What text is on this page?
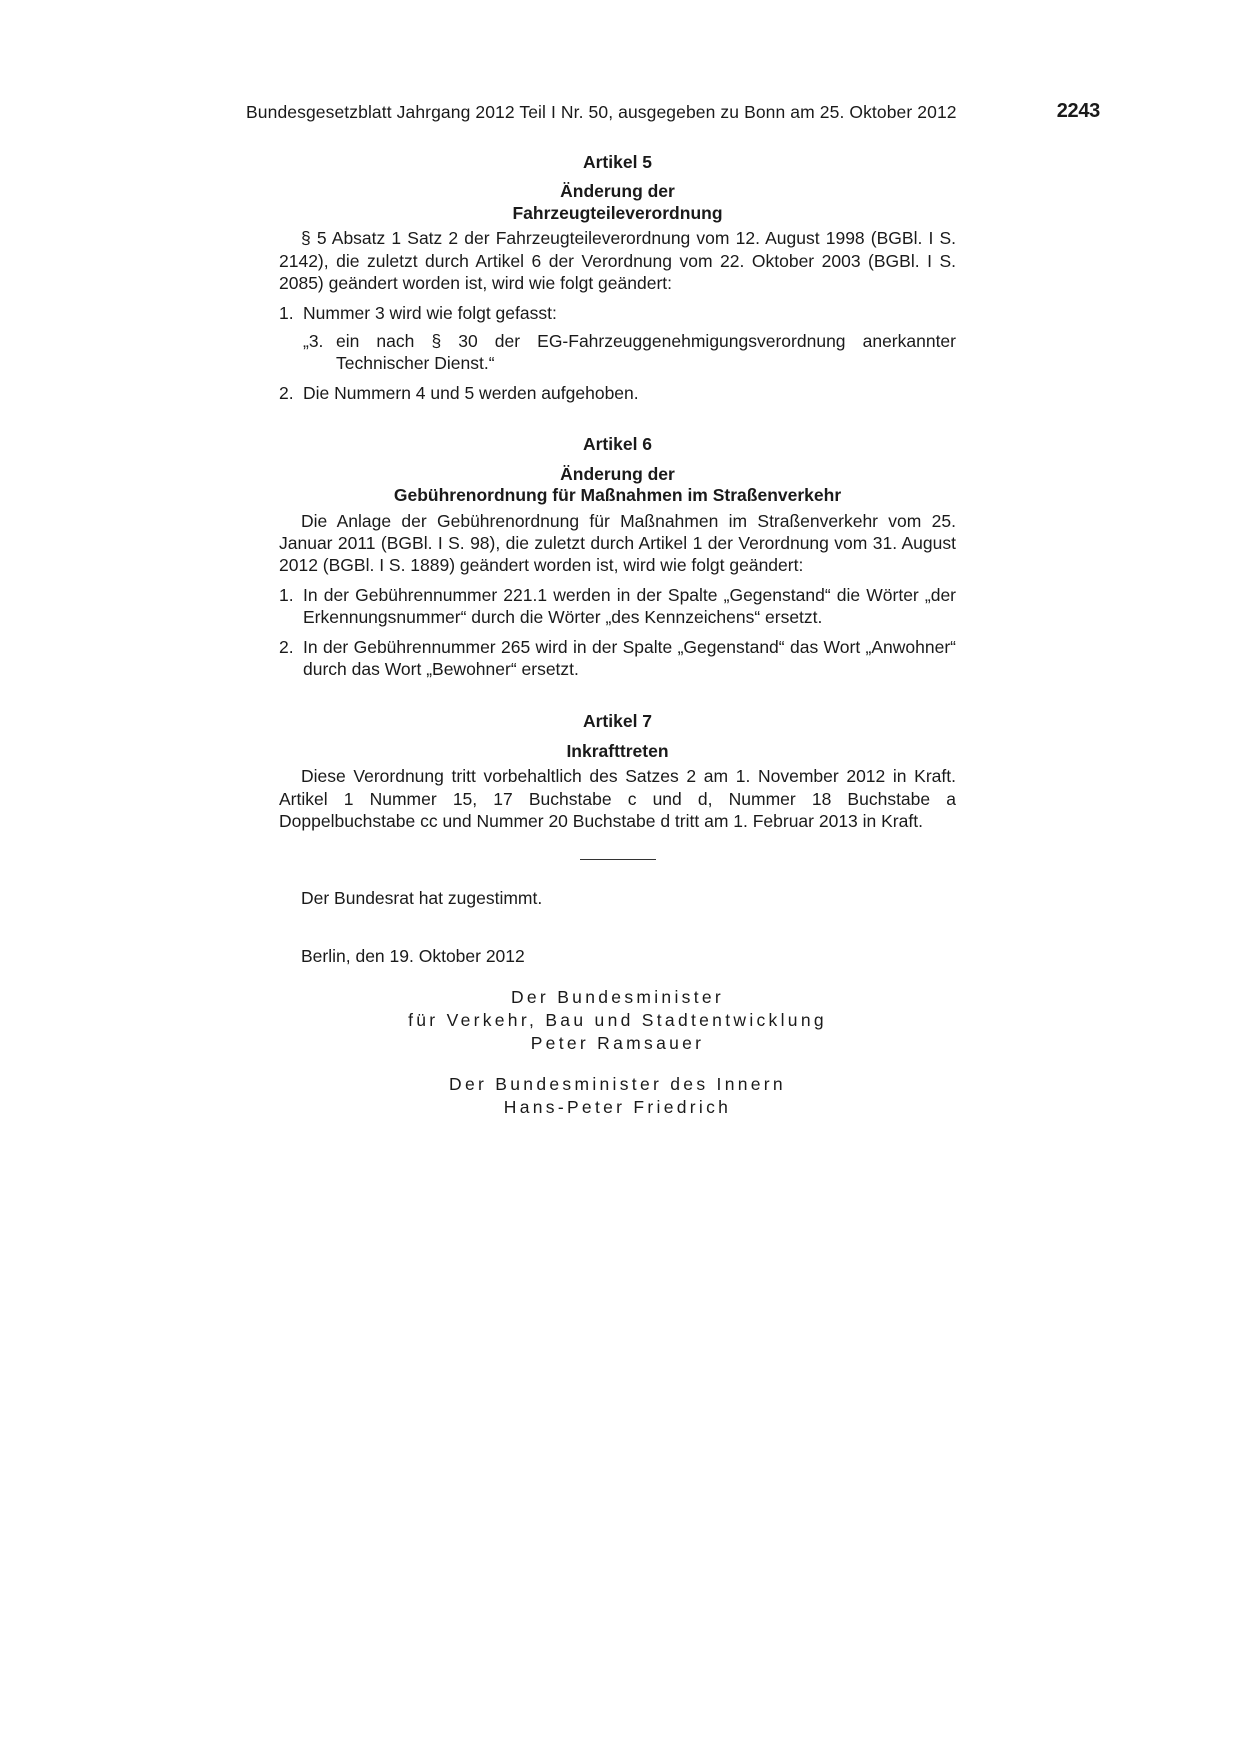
Bundesgesetzblatt Jahrgang 2012 Teil I Nr. 50, ausgegeben zu Bonn am 25. Oktober 2012	2243
Artikel 5
Änderung der
Fahrzeugteileverordnung

§ 5 Absatz 1 Satz 2 der Fahrzeugteileverordnung vom 12. August 1998 (BGBl. I S. 2142), die zuletzt durch Artikel 6 der Verordnung vom 22. Oktober 2003 (BGBl. I S. 2085) geändert worden ist, wird wie folgt geändert:

1. Nummer 3 wird wie folgt gefasst:
„3. ein nach § 30 der EG-Fahrzeuggenehmigungsverordnung anerkannter Technischer Dienst.“
2. Die Nummern 4 und 5 werden aufgehoben.
Artikel 6
Änderung der
Gebührenordnung für Maßnahmen im Straßenverkehr

Die Anlage der Gebührenordnung für Maßnahmen im Straßenverkehr vom 25. Januar 2011 (BGBl. I S. 98), die zuletzt durch Artikel 1 der Verordnung vom 31. August 2012 (BGBl. I S. 1889) geändert worden ist, wird wie folgt geändert:

1. In der Gebührennummer 221.1 werden in der Spalte „Gegenstand“ die Wörter „der Erkennungsnummer“ durch die Wörter „des Kennzeichens“ ersetzt.
2. In der Gebührennummer 265 wird in der Spalte „Gegenstand“ das Wort „Anwohner“ durch das Wort „Bewohner“ ersetzt.
Artikel 7
Inkrafttreten

Diese Verordnung tritt vorbehaltlich des Satzes 2 am 1. November 2012 in Kraft. Artikel 1 Nummer 15, 17 Buchstabe c und d, Nummer 18 Buchstabe a Doppelbuchstabe cc und Nummer 20 Buchstabe d tritt am 1. Februar 2013 in Kraft.

Der Bundesrat hat zugestimmt.
Berlin, den 19. Oktober 2012
Der Bundesminister
für Verkehr, Bau und Stadtentwicklung
Peter Ramsauer
Der Bundesminister des Innern
Hans-Peter Friedrich
